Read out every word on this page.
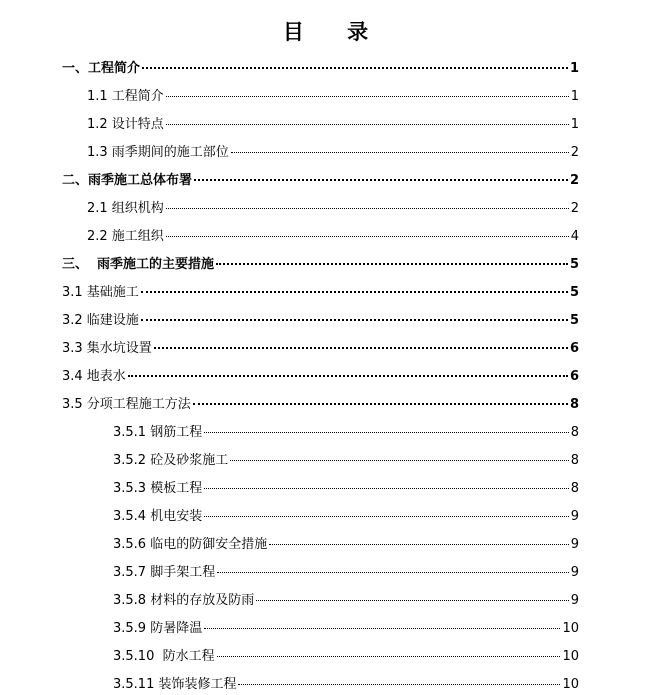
目 录
一、工程简介	1
1.1 工程简介	1
1.2 设计特点	1
1.3 雨季期间的施工部位	2
二、雨季施工总体布署	2
2.1 组织机构	2
2.2 施工组织	4
三、  雨季施工的主要措施	5
3.1 基础施工	5
3.2 临建设施	5
3.3 集水坑设置	6
3.4 地表水	6
3.5 分项工程施工方法	8
3.5.1 钢筋工程	8
3.5.2 砼及砂浆施工	8
3.5.3 模板工程	8
3.5.4 机电安装	9
3.5.6 临电的防御安全措施	9
3.5.7 脚手架工程	9
3.5.8 材料的存放及防雨	9
3.5.9 防暑降温	10
3.5.10  防水工程	10
3.5.11 装饰装修工程	10
